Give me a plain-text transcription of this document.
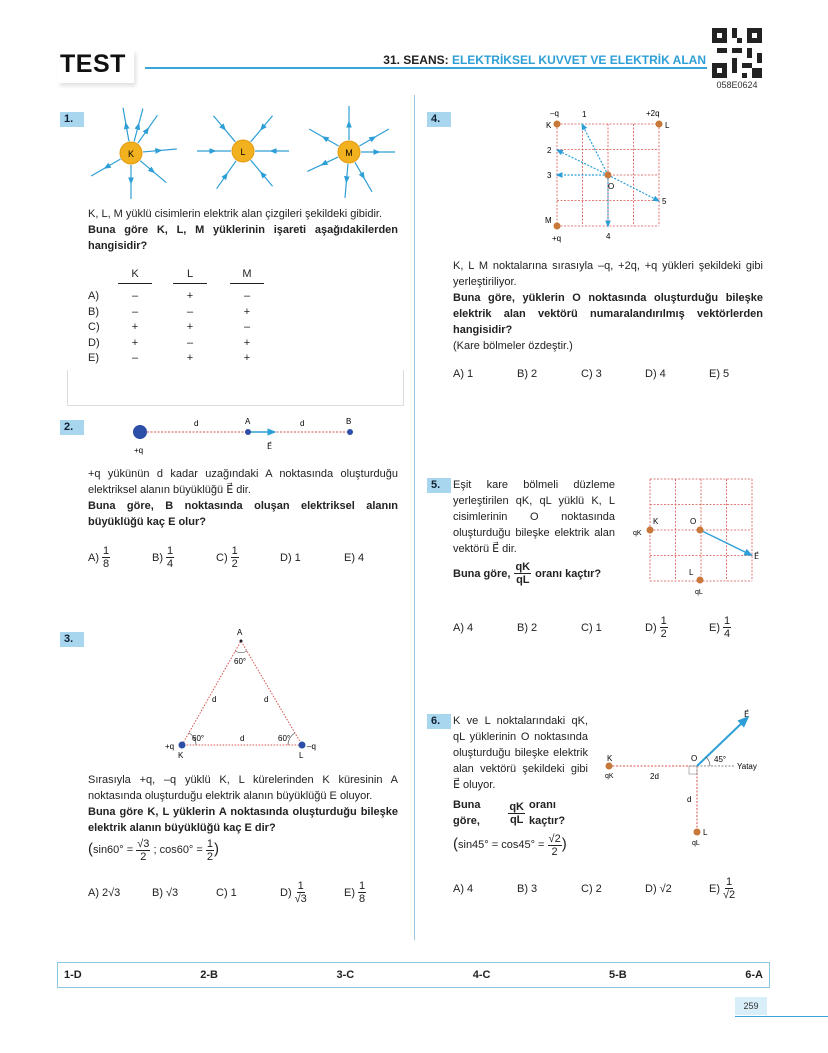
TEST	31. SEANS: ELEKTRİKSEL KUVVET VE ELEKTRİK ALAN
058E0624
1.
K	L	M
K, L, M yüklü cisimlerin elektrik alan çizgileri şekildeki gibidir.
Buna göre K, L, M yüklerinin işareti aşağıdakilerden hangisidir?
K	L	M
A)	–	+	–
B)	–	–	+
C)	+	+	–
D)	+	–	+
E)	–	+	+
2.
+q
d	d
A	B
E⃗
+q yükünün d kadar uzağındaki A noktasında oluşturduğu elektriksel alanın büyüklüğü E⃗ dir.
Buna göre, B noktasında oluşan elektriksel alanın büyüklüğü kaç E olur?
$A) \frac{1}{8}$	$B) \frac{1}{4}$	$C) \frac{1}{2}$	D) 1	E) 4
3.
A
60°
d	d
d
60°	60°
+q	–q
K	L
Sırasıyla +q, –q yüklü K, L kürelerinden K küresinin A noktasında oluşturduğu elektrik alanın büyüklüğü E oluyor.
Buna göre K, L yüklerin A noktasında oluşturduğu bileşke elektrik alanın büyüklüğü kaç E dir?
($\sin 60^\circ = \frac{√3}{2}$ ; $\cos 60^\circ = \frac{1}{2}$ )
A) 2√3	B) √3	C) 1	$D) \frac{1}{√3}$	$E) \frac{1}{8}$
4.
K	L
M
O
–q	+2q
+q
1
2
3
4
5
K, L M noktalarına sırasıyla –q, +2q, +q yükleri şekildeki gibi yerleştiriliyor.
Buna göre, yüklerin O noktasında oluşturduğu bileşke elektrik alan vektörü numaralandırılmış vektörlerden hangisidir?
(Kare bölmeler özdeştir.)
A) 1	B) 2	C) 3	D) 4	E) 5
5.	Eşit kare bölmeli düzleme yerleştirilen qK, qL yüklü K, L cisimlerinin O noktasında oluşturduğu bileşke elektrik alan vektörü E⃗ dir.
Buna göre, $\frac{qK}{qL}$ oranı kaçtır?
K	O
L
qK
qL
E⃗
A) 4	B) 2	C) 1	$D) \frac{1}{2}$	$E) \frac{1}{4}$
6.	K ve L noktalarındaki qK, qL yüklerinin O noktasında oluşturduğu bileşke elektrik alan vektörü şekildeki gibi E⃗ oluyor.
Buna göre,	$\frac{qK}{qL}$ oranı kaçtır?
($\sin 45^\circ = \cos 45^\circ = \frac{√2}{2}$ )
K
qK
O 45°
Yatay
2d
d
L
qL
E⃗
A) 4	B) 3	C) 2	D) √2	$E) \frac{1}{√2}$
1-D	2-B	3-C	4-C	5-B	6-A
259
